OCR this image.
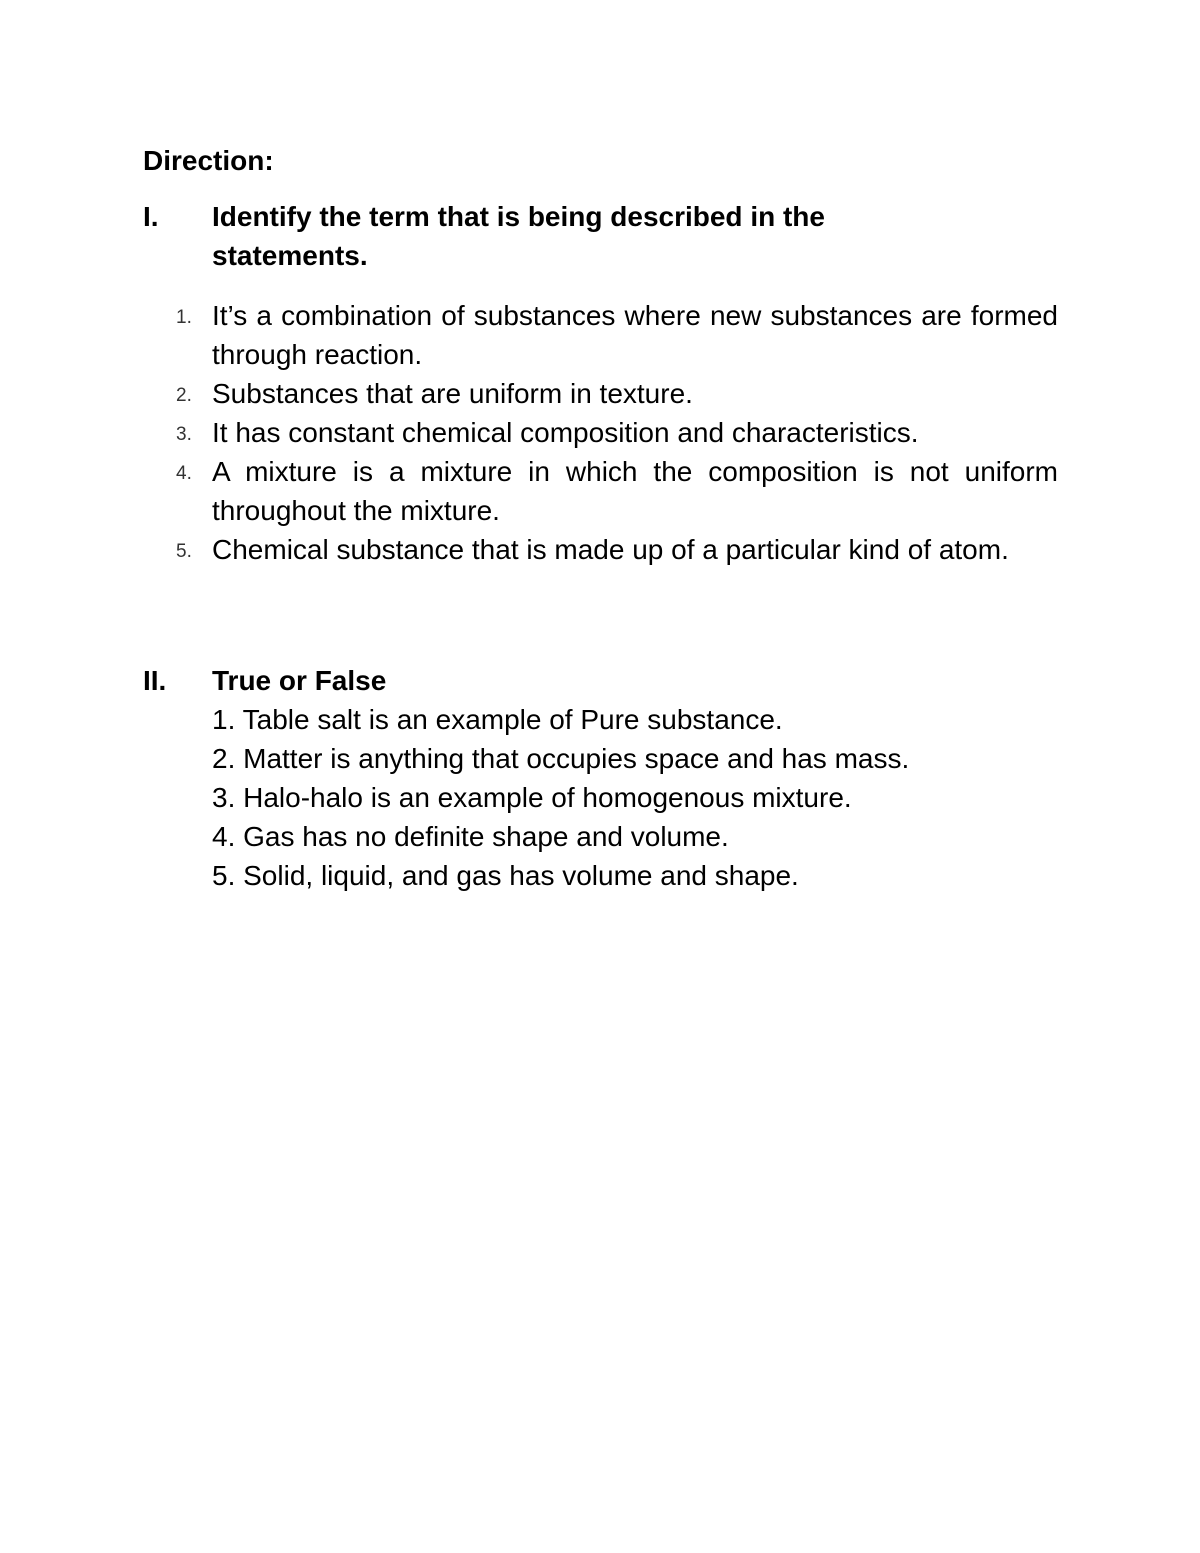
Direction:
I. Identify the term that is being described in the statements.
1. It’s a combination of substances where new substances are formed through reaction.
2. Substances that are uniform in texture.
3. It has constant chemical composition and characteristics.
4. A mixture is a mixture in which the composition is not uniform throughout the mixture.
5. Chemical substance that is made up of a particular kind of atom.
II. True or False
1. Table salt is an example of Pure substance.
2. Matter is anything that occupies space and has mass.
3. Halo-halo is an example of homogenous mixture.
4. Gas has no definite shape and volume.
5. Solid, liquid, and gas has volume and shape.
